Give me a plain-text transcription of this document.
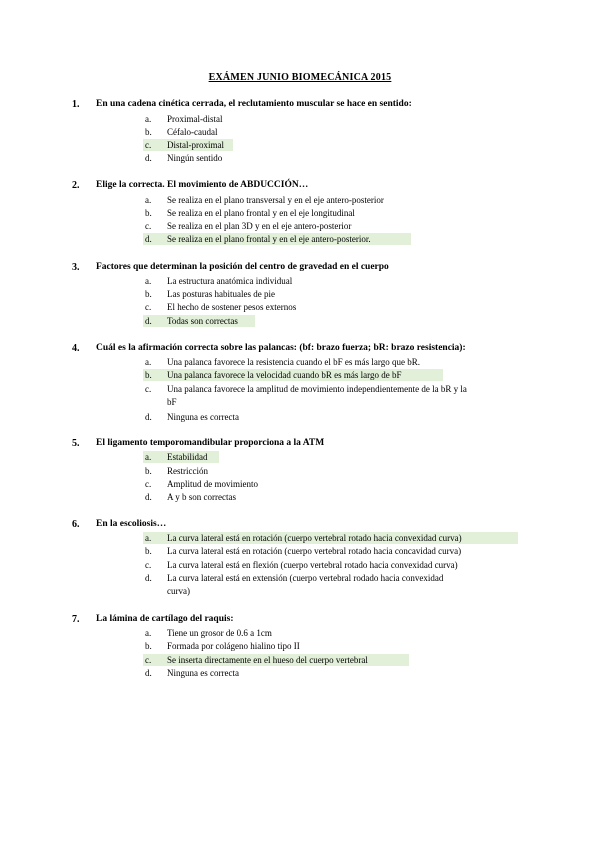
EXÁMEN JUNIO BIOMECÁNICA 2015
1. En una cadena cinética cerrada, el reclutamiento muscular se hace en sentido:
a. Proximal-distal
b. Céfalo-caudal
c. Distal-proximal
d. Ningún sentido
2. Elige la correcta. El movimiento de ABDUCCIÓN…
a. Se realiza en el plano transversal y en el eje antero-posterior
b. Se realiza en el plano frontal y en el eje longitudinal
c. Se realiza en el plan 3D y en el eje antero-posterior
d. Se realiza en el plano frontal y en el eje antero-posterior.
3. Factores que determinan la posición del centro de gravedad en el cuerpo
a. La estructura anatómica individual
b. Las posturas habituales de pie
c. El hecho de sostener pesos externos
d. Todas son correctas
4. Cuál es la afirmación correcta sobre las palancas: (bf: brazo fuerza; bR: brazo resistencia):
a. Una palanca favorece la resistencia cuando el bF es más largo que bR.
b. Una palanca favorece la velocidad cuando bR es más largo de bF
c. Una palanca favorece la amplitud de movimiento independientemente de la bR y la
bF
d. Ninguna es correcta
5. El ligamento temporomandibular proporciona a la ATM
a. Estabilidad
b. Restricción
c. Amplitud de movimiento
d. A y b son correctas
6. En la escoliosis…
a. La curva lateral está en rotación (cuerpo vertebral rotado hacia convexidad curva)
b. La curva lateral está en rotación (cuerpo vertebral rotado hacia concavidad curva)
c. La curva lateral está en flexión (cuerpo vertebral rotado hacia convexidad curva)
d. La curva lateral está en extensión (cuerpo vertebral rodado hacia convexidad
curva)
7. La lámina de cartílago del raquis:
a. Tiene un grosor de 0.6 a 1cm
b. Formada por colágeno hialino tipo II
c. Se inserta directamente en el hueso del cuerpo vertebral
d. Ninguna es correcta
